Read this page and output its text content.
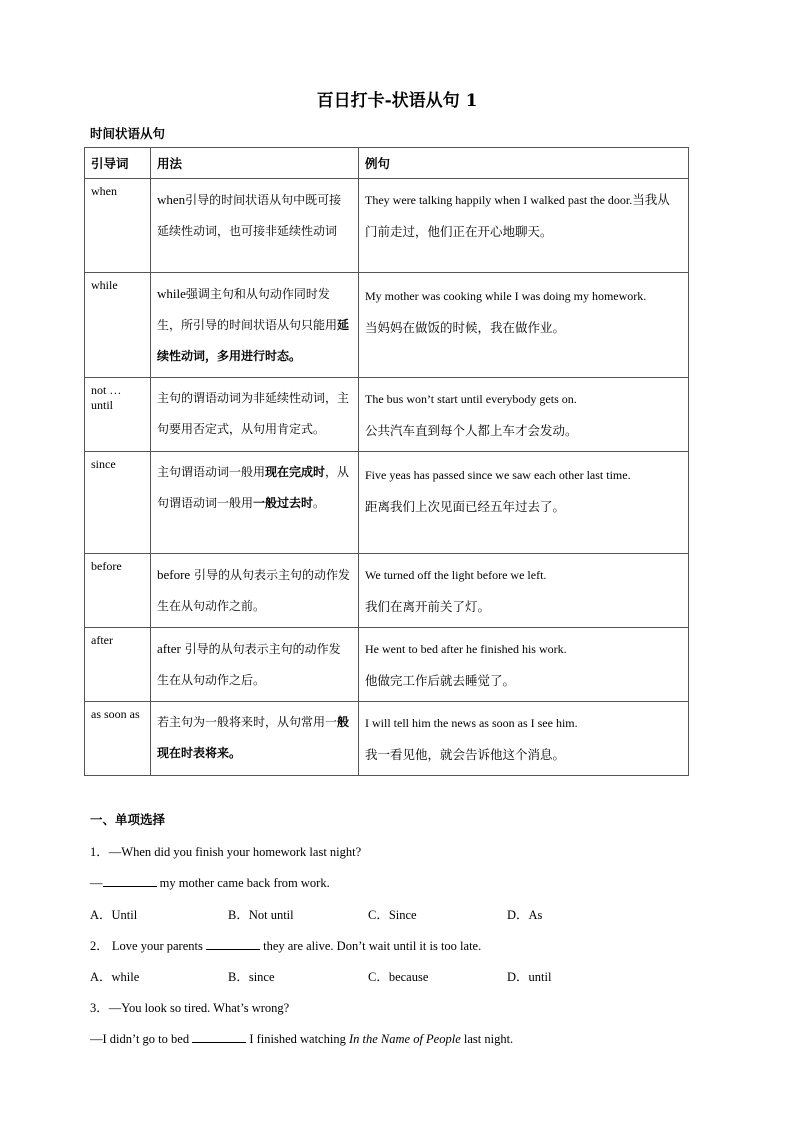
百日打卡-状语从句 1
时间状语从句
引导词	用法	例句
when	when引导的时间状语从句中既可接延续性动词，也可接非延续性动词	They were talking happily when I walked past the door.当我从门前走过，他们正在开心地聊天。
while	while强调主句和从句动作同时发生，所引导的时间状语从句只能用延续性动词，多用进行时态。	My mother was cooking while I was doing my homework.
当妈妈在做饭的时候，我在做作业。

not … until	主句的谓语动词为非延续性动词，主句要用否定式，从句用肯定式。	The bus won’t start until everybody gets on.
公共汽车直到每个人都上车才会发动。

since	主句谓语动词一般用现在完成时，从句谓语动词一般用一般过去时。	Five yeas has passed since we saw each other last time.
距离我们上次见面已经五年过去了。

before	before 引导的从句表示主句的动作发生在从句动作之前。	We turned off the light before we left.
我们在离开前关了灯。

after	after 引导的从句表示主句的动作发生在从句动作之后。	He went to bed after he finished his work.
他做完工作后就去睡觉了。

as soon as	若主句为一般将来时，从句常用一般现在时表将来。	I will tell him the news as soon as I see him.
我一看见他，就会告诉他这个消息。
一、单项选择
1．—When did you finish your homework last night?
—	my mother came back from work.
A．Until	B．Not until	C．Since	D．As
2． Love your parents	they are alive. Don’t wait until it is too late.
A．while	B．since	C．because	D．until
3．—You look so tired. What’s wrong?
—I didn’t go to bed	I finished watching In the Name of People last night.
